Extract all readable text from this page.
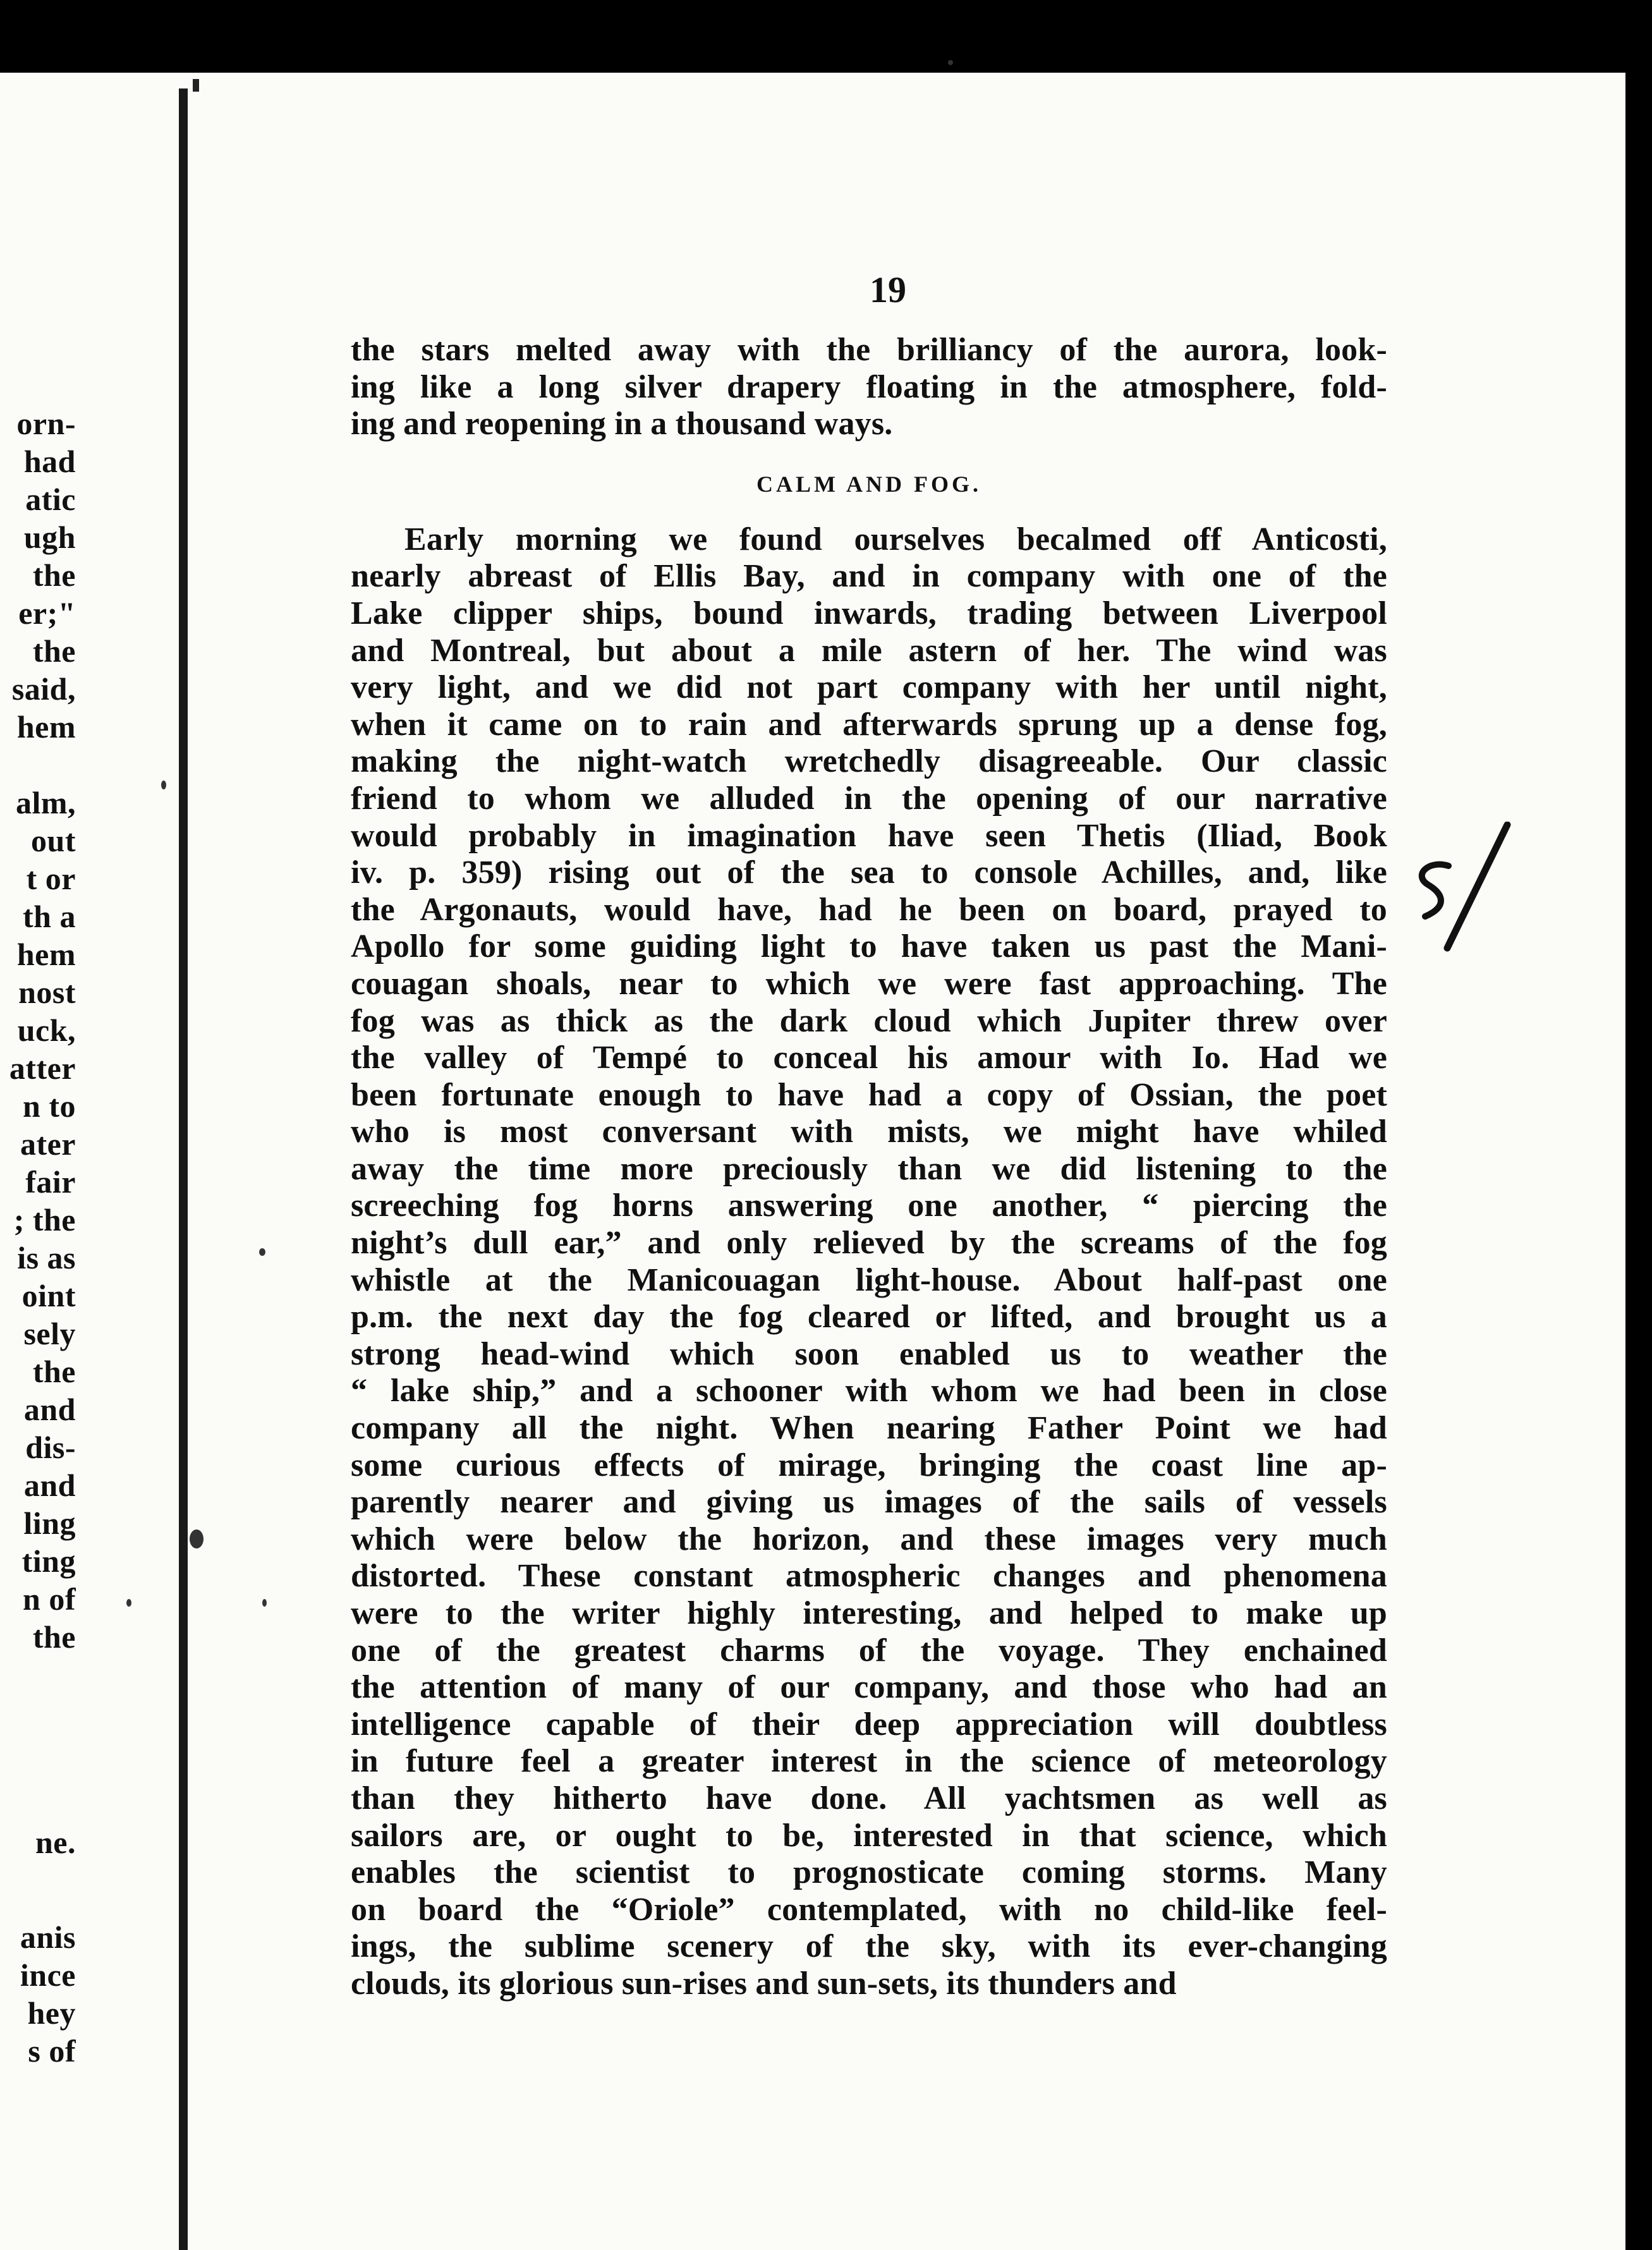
orn-
had
atic
ugh
the
er;"
the
said,
hem
alm,
out
t or
th a
hem
nost
uck,
atter
n to
ater
fair
; the
is as
oint
sely
the
and
dis-
and
ling
ting
n of
the
ne.
anis
ince
hey
s of
19
the stars melted away with the brilliancy of the aurora, look-
ing like a long silver drapery floating in the atmosphere, fold-
ing and reopening in a thousand ways.
CALM AND FOG.
Early morning we found ourselves becalmed off Anticosti,
nearly abreast of Ellis Bay, and in company with one of the
Lake clipper ships, bound inwards, trading between Liverpool
and Montreal, but about a mile astern of her. The wind was
very light, and we did not part company with her until night,
when it came on to rain and afterwards sprung up a dense fog,
making the night-watch wretchedly disagreeable. Our classic
friend to whom we alluded in the opening of our narrative
would probably in imagination have seen Thetis (Iliad, Book
iv. p. 359) rising out of the sea to console Achilles, and, like
the Argonauts, would have, had he been on board, prayed to
Apollo for some guiding light to have taken us past the Mani-
couagan shoals, near to which we were fast approaching. The
fog was as thick as the dark cloud which Jupiter threw over
the valley of Tempé to conceal his amour with Io. Had we
been fortunate enough to have had a copy of Ossian, the poet
who is most conversant with mists, we might have whiled
away the time more preciously than we did listening to the
screeching fog horns answering one another, “ piercing the
night’s dull ear,” and only relieved by the screams of the fog
whistle at the Manicouagan light-house. About half-past one
p.m. the next day the fog cleared or lifted, and brought us a
strong head-wind which soon enabled us to weather the
“ lake ship,” and a schooner with whom we had been in close
company all the night. When nearing Father Point we had
some curious effects of mirage, bringing the coast line ap-
parently nearer and giving us images of the sails of vessels
which were below the horizon, and these images very much
distorted. These constant atmospheric changes and phenomena
were to the writer highly interesting, and helped to make up
one of the greatest charms of the voyage. They enchained
the attention of many of our company, and those who had an
intelligence capable of their deep appreciation will doubtless
in future feel a greater interest in the science of meteorology
than they hitherto have done. All yachtsmen as well as
sailors are, or ought to be, interested in that science, which
enables the scientist to prognosticate coming storms. Many
on board the “Oriole” contemplated, with no child-like feel-
ings, the sublime scenery of the sky, with its ever-changing
clouds, its glorious sun-rises and sun-sets, its thunders and
